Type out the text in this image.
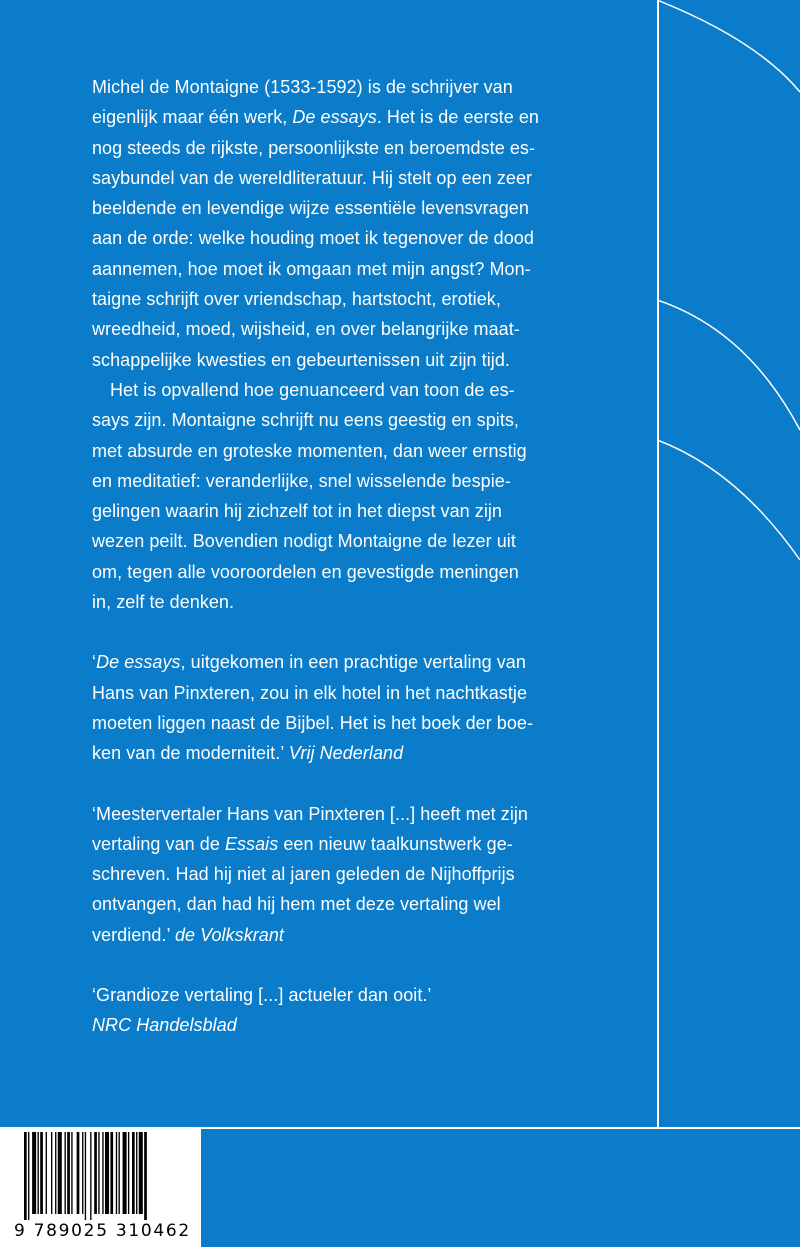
Michel de Montaigne (1533-1592) is de schrijver van
eigenlijk maar één werk, De essays. Het is de eerste en
nog steeds de rijkste, persoonlijkste en beroemdste es-
saybundel van de wereldliteratuur. Hij stelt op een zeer
beeldende en levendige wijze essentiële levensvragen
aan de orde: welke houding moet ik tegenover de dood
aannemen, hoe moet ik omgaan met mijn angst? Mon-
taigne schrijft over vriendschap, hartstocht, erotiek,
wreedheid, moed, wijsheid, en over belangrijke maat-
schappelijke kwesties en gebeurtenissen uit zijn tijd.

Het is opvallend hoe genuanceerd van toon de es-
says zijn. Montaigne schrijft nu eens geestig en spits,
met absurde en groteske momenten, dan weer ernstig
en meditatief: veranderlijke, snel wisselende bespie-
gelingen waarin hij zichzelf tot in het diepst van zijn
wezen peilt. Bovendien nodigt Montaigne de lezer uit
om, tegen alle vooroordelen en gevestigde meningen
in, zelf te denken.

‘De essays, uitgekomen in een prachtige vertaling van
Hans van Pinxteren, zou in elk hotel in het nachtkastje
moeten liggen naast de Bijbel. Het is het boek der boe-
ken van de moderniteit.’ Vrij Nederland

‘Meestervertaler Hans van Pinxteren [...] heeft met zijn
vertaling van de Essais een nieuw taalkunstwerk ge-
schreven. Had hij niet al jaren geleden de Nijhoffprijs
ontvangen, dan had hij hem met deze vertaling wel
verdiend.’ de Volkskrant

‘Grandioze vertaling [...] actueler dan ooit.’
NRC Handelsblad

9 789025 310462
